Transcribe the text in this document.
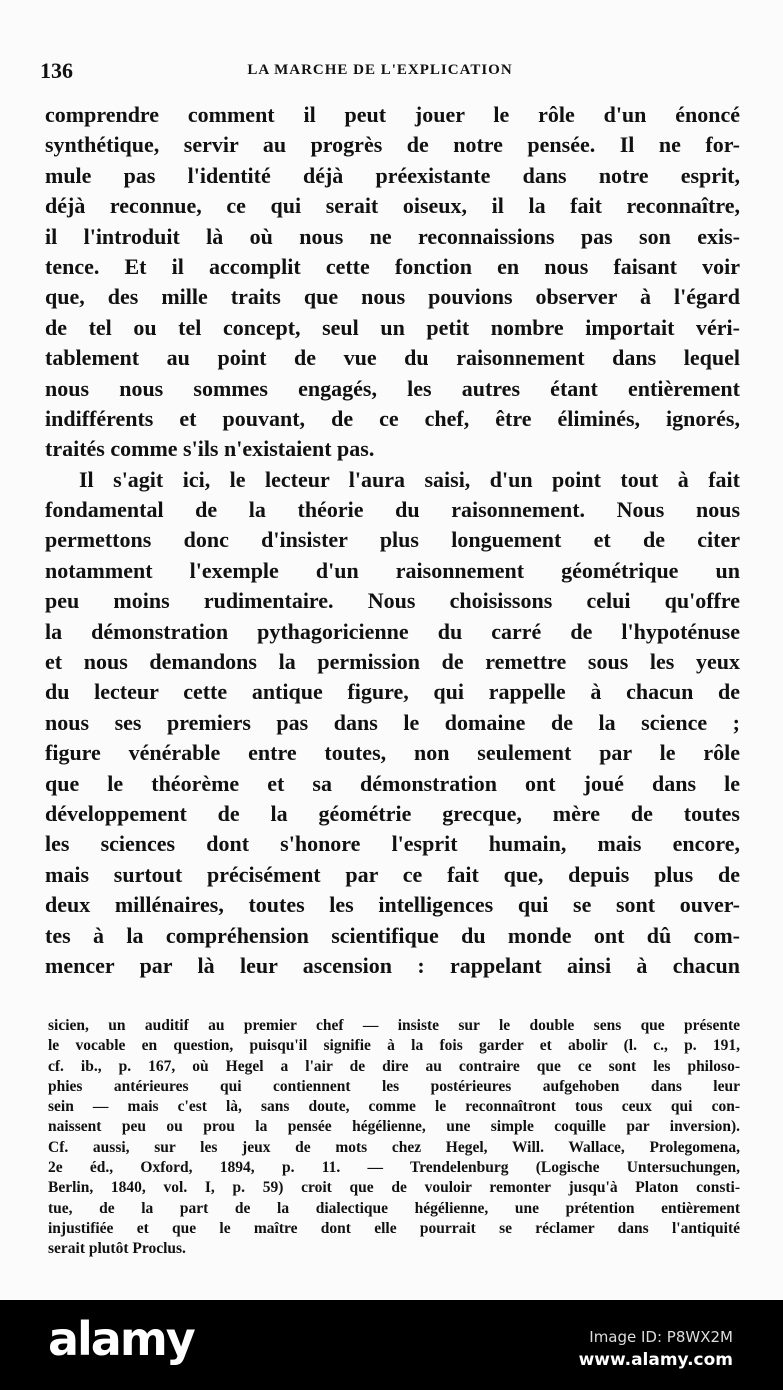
136	LA MARCHE DE L'EXPLICATION
comprendre comment il peut jouer le rôle d'un énoncé
synthétique, servir au progrès de notre pensée. Il ne for-
mule pas l'identité déjà préexistante dans notre esprit,
déjà reconnue, ce qui serait oiseux, il la fait reconnaître,
il l'introduit là où nous ne reconnaissions pas son exis-
tence. Et il accomplit cette fonction en nous faisant voir
que, des mille traits que nous pouvions observer à l'égard
de tel ou tel concept, seul un petit nombre importait véri-
tablement au point de vue du raisonnement dans lequel
nous nous sommes engagés, les autres étant entièrement
indifférents et pouvant, de ce chef, être éliminés, ignorés,
traités comme s'ils n'existaient pas.
Il s'agit ici, le lecteur l'aura saisi, d'un point tout à fait
fondamental de la théorie du raisonnement. Nous nous
permettons donc d'insister plus longuement et de citer
notamment l'exemple d'un raisonnement géométrique un
peu moins rudimentaire. Nous choisissons celui qu'offre
la démonstration pythagoricienne du carré de l'hypoténuse
et nous demandons la permission de remettre sous les yeux
du lecteur cette antique figure, qui rappelle à chacun de
nous ses premiers pas dans le domaine de la science ;
figure vénérable entre toutes, non seulement par le rôle
que le théorème et sa démonstration ont joué dans le
développement de la géométrie grecque, mère de toutes
les sciences dont s'honore l'esprit humain, mais encore,
mais surtout précisément par ce fait que, depuis plus de
deux millénaires, toutes les intelligences qui se sont ouver-
tes à la compréhension scientifique du monde ont dû com-
mencer par là leur ascension : rappelant ainsi à chacun
sicien, un auditif au premier chef — insiste sur le double sens que présente
le vocable en question, puisqu'il signifie à la fois garder et abolir (l. c., p. 191,
cf. ib., p. 167, où Hegel a l'air de dire au contraire que ce sont les philoso-
phies antérieures qui contiennent les postérieures aufgehoben dans leur
sein — mais c'est là, sans doute, comme le reconnaîtront tous ceux qui con-
naissent peu ou prou la pensée hégélienne, une simple coquille par inversion).
Cf. aussi, sur les jeux de mots chez Hegel, Will. Wallace, Prolegomena,
2e éd., Oxford, 1894, p. 11. — Trendelenburg (Logische Untersuchungen,
Berlin, 1840, vol. I, p. 59) croit que de vouloir remonter jusqu'à Platon consti-
tue, de la part de la dialectique hégélienne, une prétention entièrement
injustifiée et que le maître dont elle pourrait se réclamer dans l'antiquité
serait plutôt Proclus.
alamy	Image ID: P8WX2M
www.alamy.com
